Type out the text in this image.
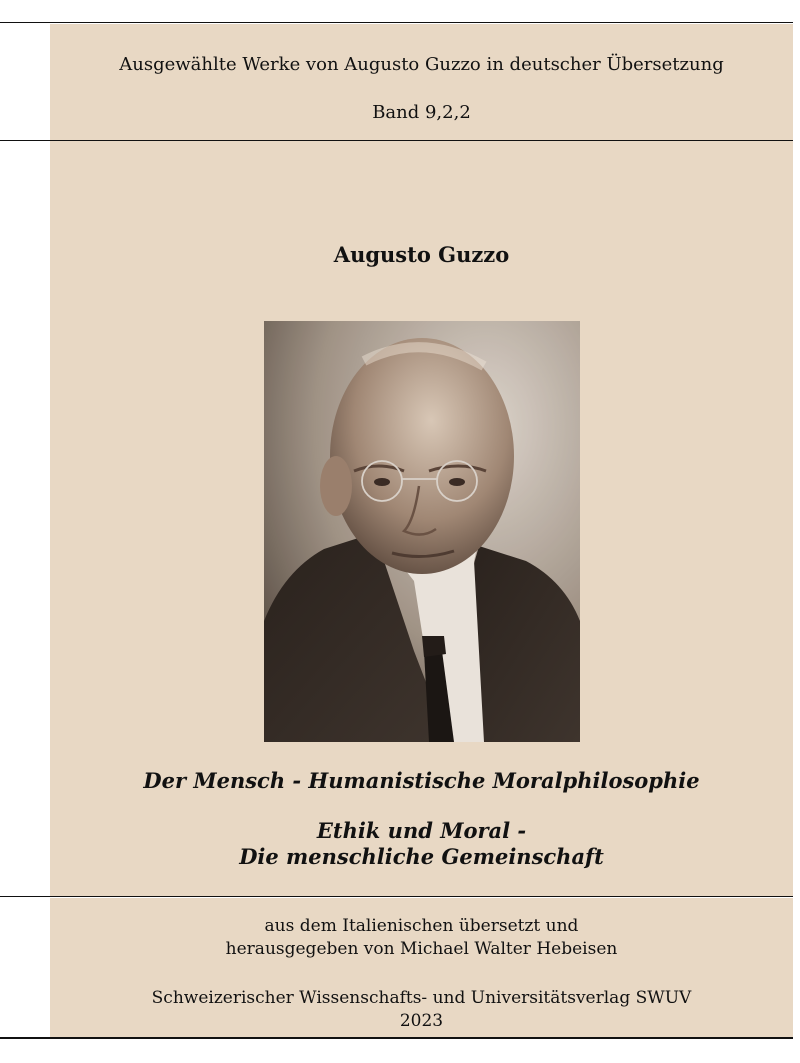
Ausgewählte Werke von Augusto Guzzo in deutscher Übersetzung
Band 9,2,2
Augusto Guzzo
Der Mensch - Humanistische Moralphilosophie
Ethik und Moral -
Die menschliche Gemeinschaft
aus dem Italienischen übersetzt und
herausgegeben von Michael Walter Hebeisen
Schweizerischer Wissenschafts- und Universitätsverlag SWUV
2023
